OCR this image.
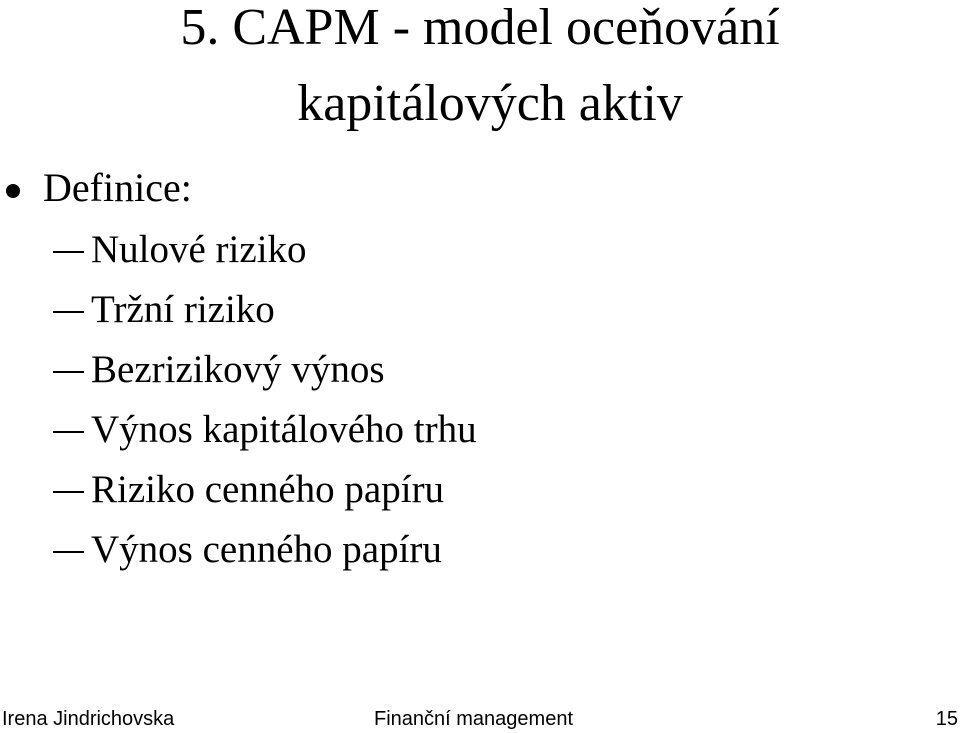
5. CAPM - model oceňování
kapitálových aktiv
Definice:
Nulové riziko
Tržní riziko
Bezrizikový výnos
Výnos kapitálového trhu
Riziko cenného papíru
Výnos cenného papíru
Irena Jindrichovska	Finanční management	15
